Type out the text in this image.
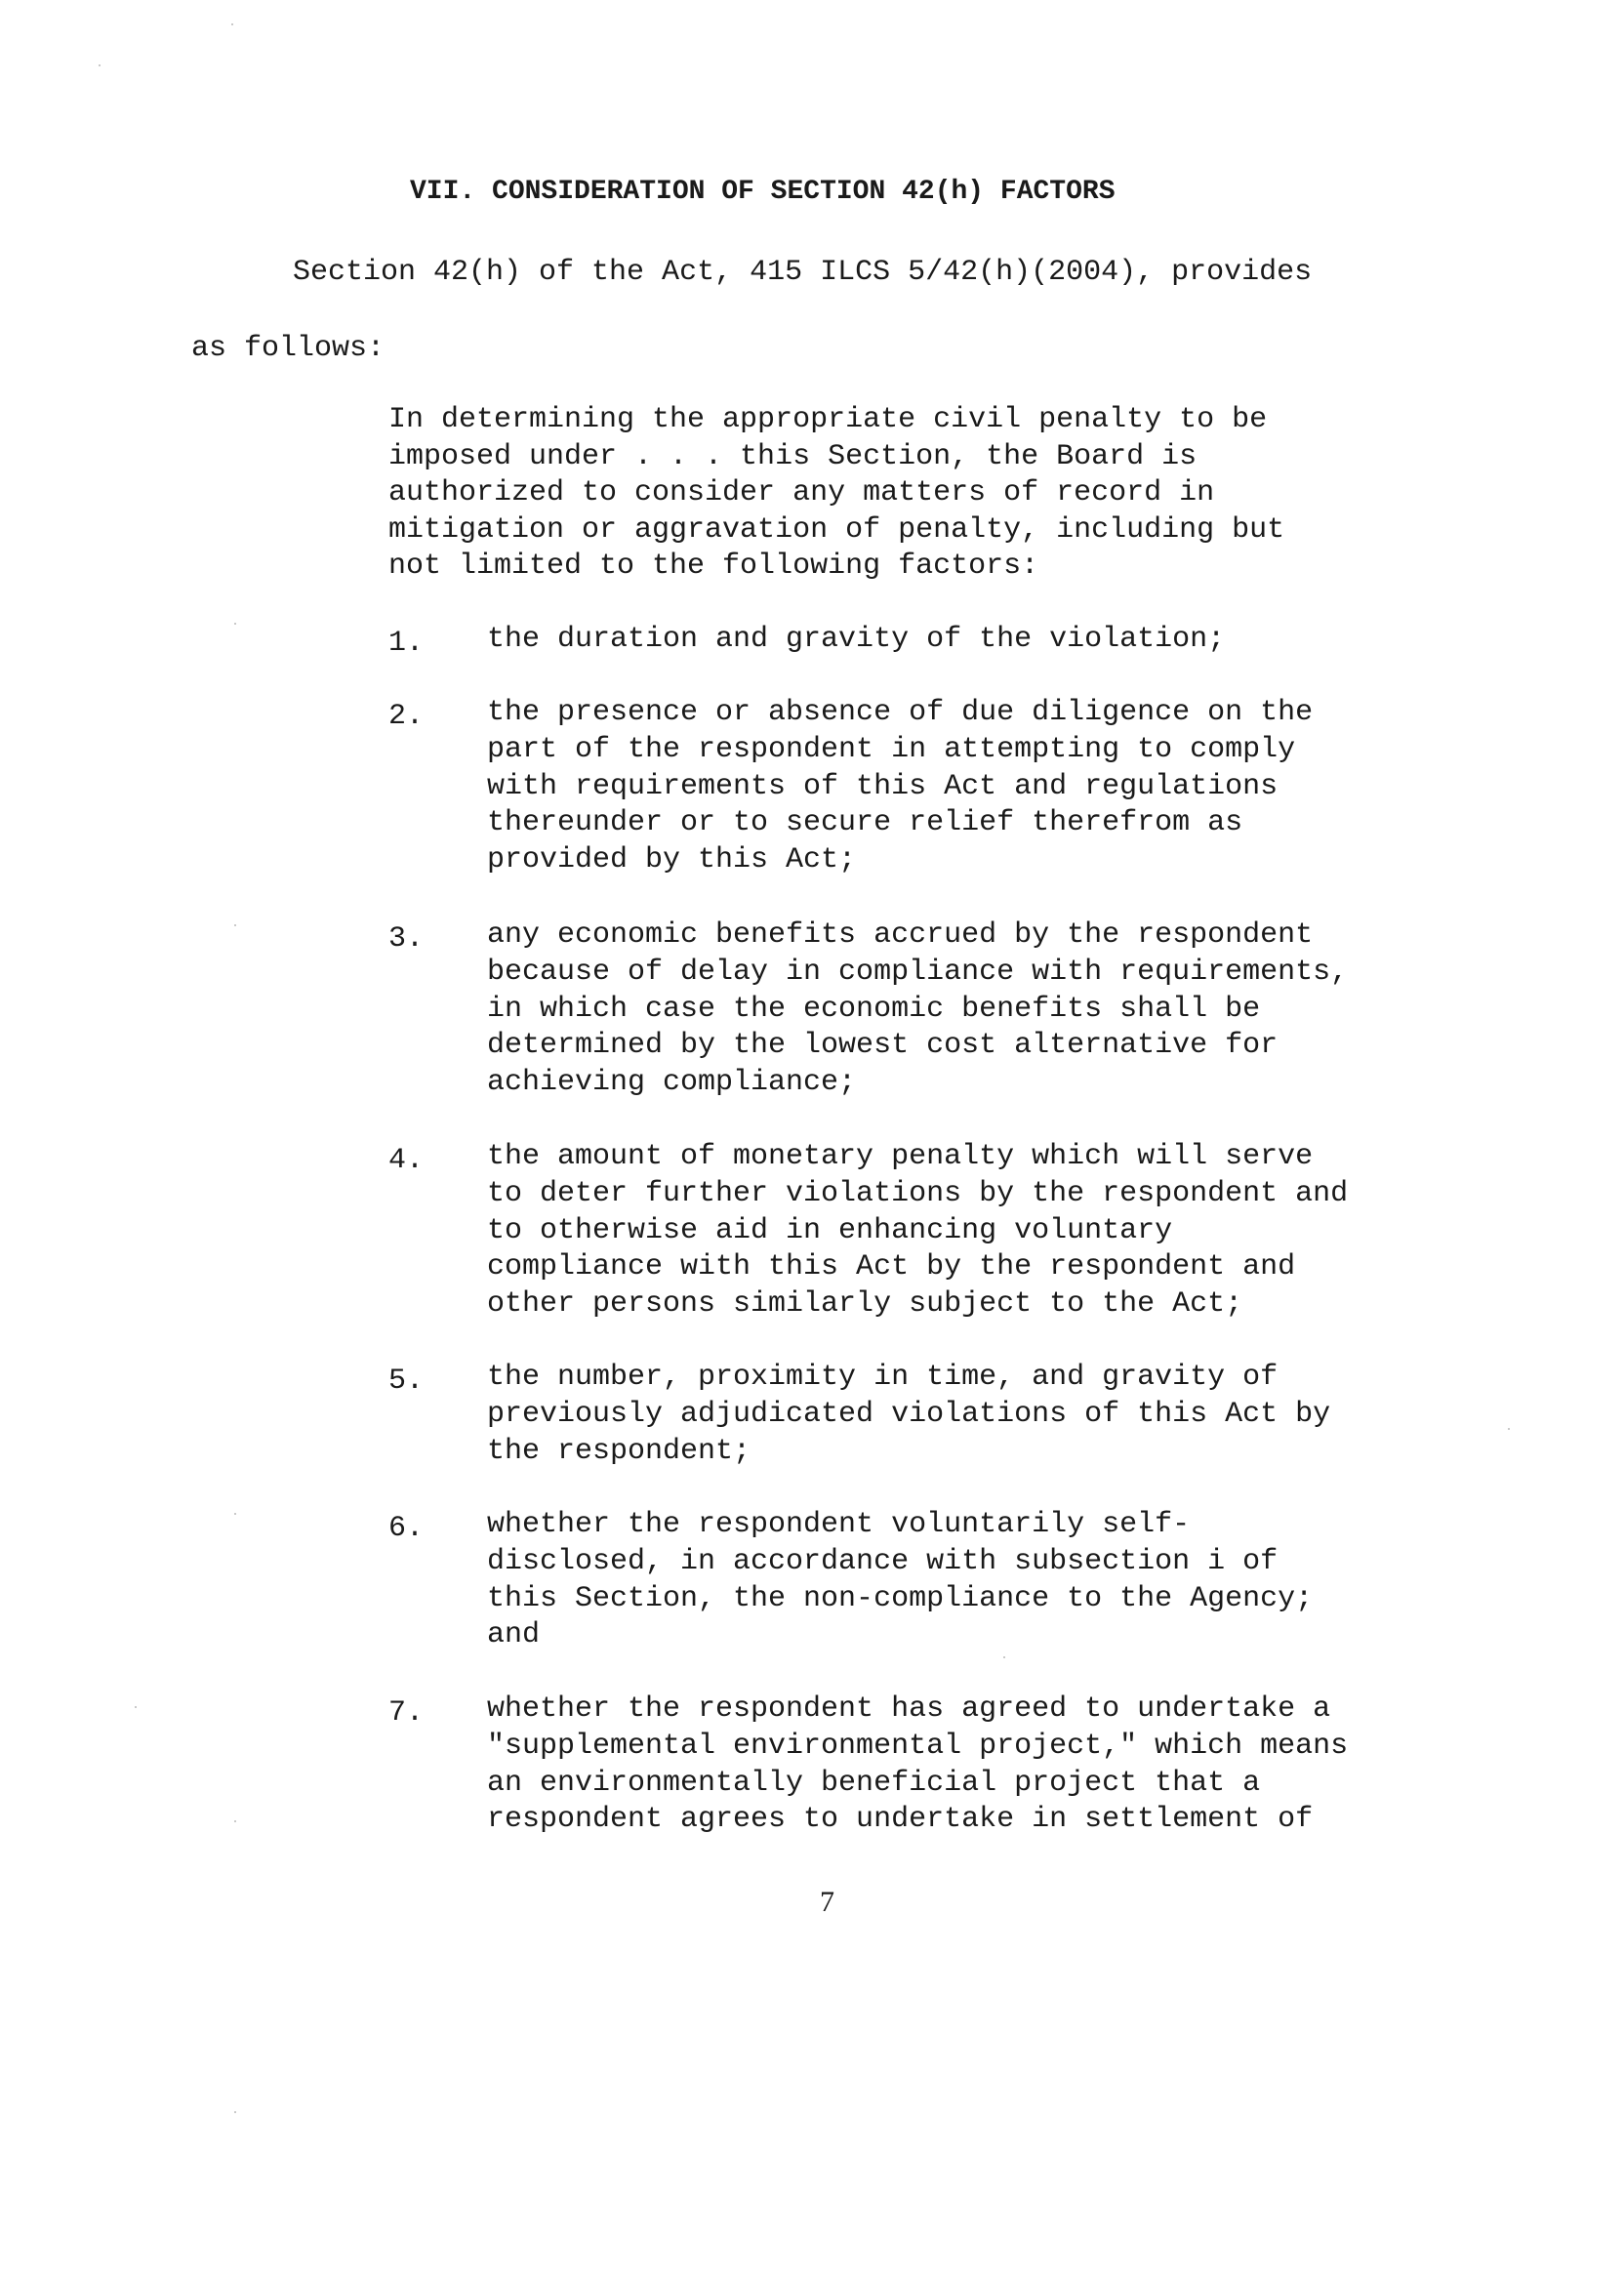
VII. CONSIDERATION OF SECTION 42(h) FACTORS
Section 42(h) of the Act, 415 ILCS 5/42(h)(2004), provides
as follows:
In determining the appropriate civil penalty to be
imposed under . . . this Section, the Board is
authorized to consider any matters of record in
mitigation or aggravation of penalty, including but
not limited to the following factors:
1. the duration and gravity of the violation;
2. the presence or absence of due diligence on the
part of the respondent in attempting to comply
with requirements of this Act and regulations
thereunder or to secure relief therefrom as
provided by this Act;
3. any economic benefits accrued by the respondent
because of delay in compliance with requirements,
in which case the economic benefits shall be
determined by the lowest cost alternative for
achieving compliance;
4. the amount of monetary penalty which will serve
to deter further violations by the respondent and
to otherwise aid in enhancing voluntary
compliance with this Act by the respondent and
other persons similarly subject to the Act;
5. the number, proximity in time, and gravity of
previously adjudicated violations of this Act by
the respondent;
6. whether the respondent voluntarily self-
disclosed, in accordance with subsection i of
this Section, the non-compliance to the Agency;
and
7. whether the respondent has agreed to undertake a
"supplemental environmental project," which means
an environmentally beneficial project that a
respondent agrees to undertake in settlement of
7
